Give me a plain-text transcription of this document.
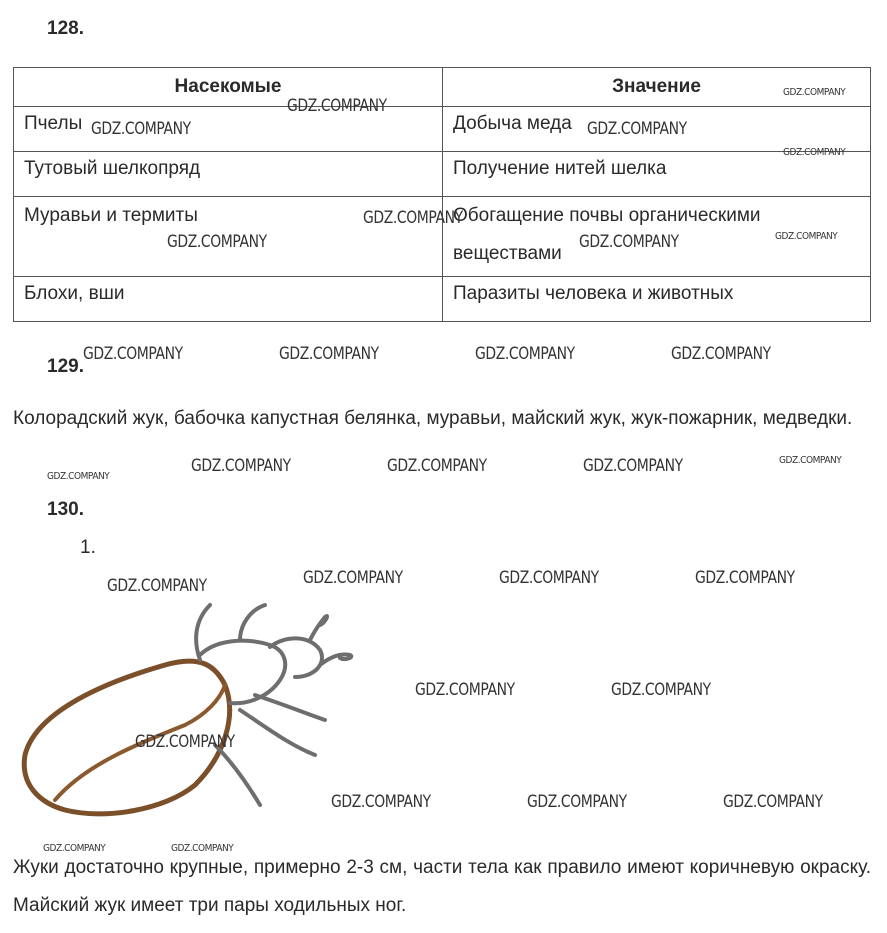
128.
Насекомые	Значение
Пчелы	Добыча меда
Тутовый шелкопряд	Получение нитей шелка
Муравьи и термиты	Обогащение почвы органическими веществами
Блохи, вши	Паразиты человека и животных
129.
Колорадский жук, бабочка капустная белянка, муравьи, майский жук, жук-пожарник, медведки.
130.
1.
Жуки достаточно крупные, примерно 2-3 см, части тела как правило имеют коричневую окраску. Майский жук имеет три пары ходильных ног.
GDZ.COMPANY
GDZ.COMPANY
GDZ.COMPANY	GDZ.COMPANY
GDZ.COMPANY
GDZ.COMPANY
GDZ.COMPANY	GDZ.COMPANY	GDZ.COMPANY
GDZ.COMPANY	GDZ.COMPANY	GDZ.COMPANY	GDZ.COMPANY
GDZ.COMPANY	GDZ.COMPANY	GDZ.COMPANY	GDZ.COMPANY
GDZ.COMPANY
GDZ.COMPANY	GDZ.COMPANY	GDZ.COMPANY	GDZ.COMPANY
GDZ.COMPANY	GDZ.COMPANY
GDZ.COMPANY
GDZ.COMPANY	GDZ.COMPANY	GDZ.COMPANY
GDZ.COMPANY	GDZ.COMPANY
